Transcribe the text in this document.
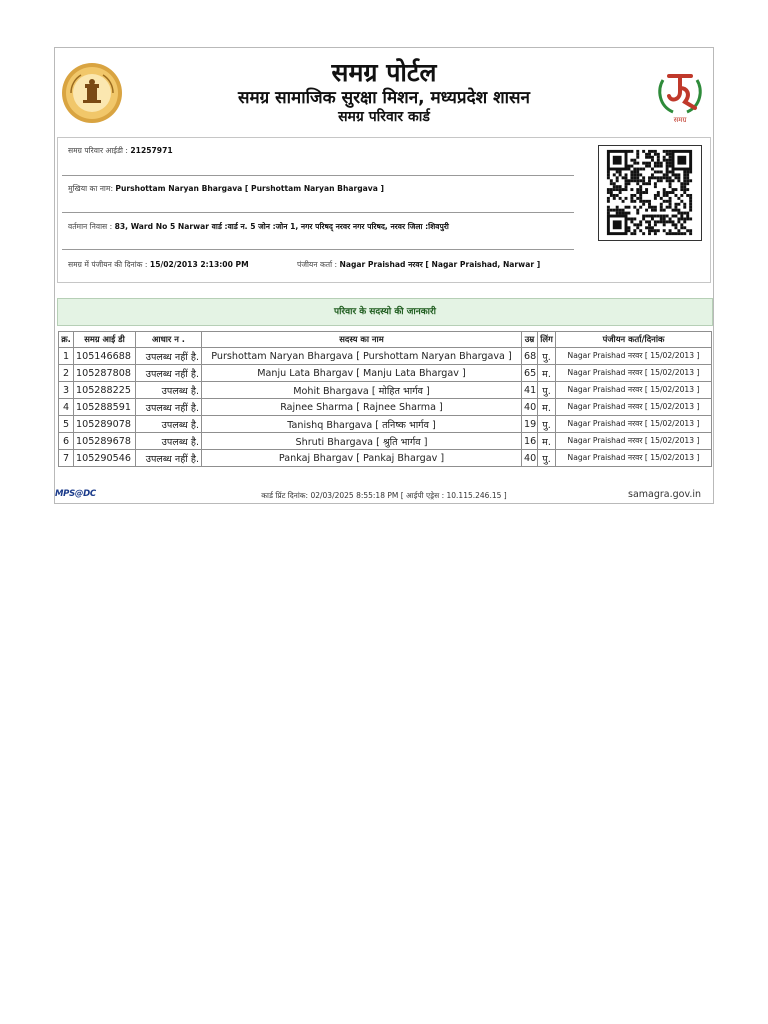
समग्र पोर्टल
समग्र सामाजिक सुरक्षा मिशन, मध्यप्रदेश शासन
समग्र परिवार कार्ड	समग्र
समग्र परिवार आईडी : 21257971
मुखिया का नाम: Purshottam Naryan Bhargava [ Purshottam Naryan Bhargava ]
वर्तमान निवास : 83, Ward No 5 Narwar वार्ड :वार्ड न. 5 जोन :जोन 1, नगर परिषद् नरवर नगर परिषद, नरवर जिला :शिवपुरी
समग्र में पंजीयन की दिनांक : 15/02/2013 2:13:00 PM	पंजीयन कर्ता : Nagar Praishad नरवर [ Nagar Praishad, Narwar ]
परिवार के सदस्यो की जानकारी
क्र.	समग्र आई डी	आधार न .	सदस्य का नाम	उम्र	लिंग	पंजीयन कर्ता/दिनांक
1	105146688	उपलब्ध नहीं है.	Purshottam Naryan Bhargava [ Purshottam Naryan Bhargava ]	68	पु.	Nagar Praishad नरवर [ 15/02/2013 ]
2	105287808	उपलब्ध नहीं है.	Manju Lata Bhargav [ Manju Lata Bhargav ]	65	म.	Nagar Praishad नरवर [ 15/02/2013 ]
3	105288225	उपलब्ध है.	Mohit Bhargava [ मोहित भार्गव ]	41	पु.	Nagar Praishad नरवर [ 15/02/2013 ]
4	105288591	उपलब्ध नहीं है.	Rajnee Sharma [ Rajnee Sharma ]	40	म.	Nagar Praishad नरवर [ 15/02/2013 ]
5	105289078	उपलब्ध है.	Tanishq Bhargava [ तनिष्क भार्गव ]	19	पु.	Nagar Praishad नरवर [ 15/02/2013 ]
6	105289678	उपलब्ध है.	Shruti Bhargava [ श्रुति भार्गव ]	16	म.	Nagar Praishad नरवर [ 15/02/2013 ]
7	105290546	उपलब्ध नहीं है.	Pankaj Bhargav [ Pankaj Bhargav ]	40	पु.	Nagar Praishad नरवर [ 15/02/2013 ]
MPS@DC	कार्ड प्रिंट दिनांक: 02/03/2025 8:55:18 PM [ आईपी एड्रेस : 10.115.246.15 ]	samagra.gov.in
